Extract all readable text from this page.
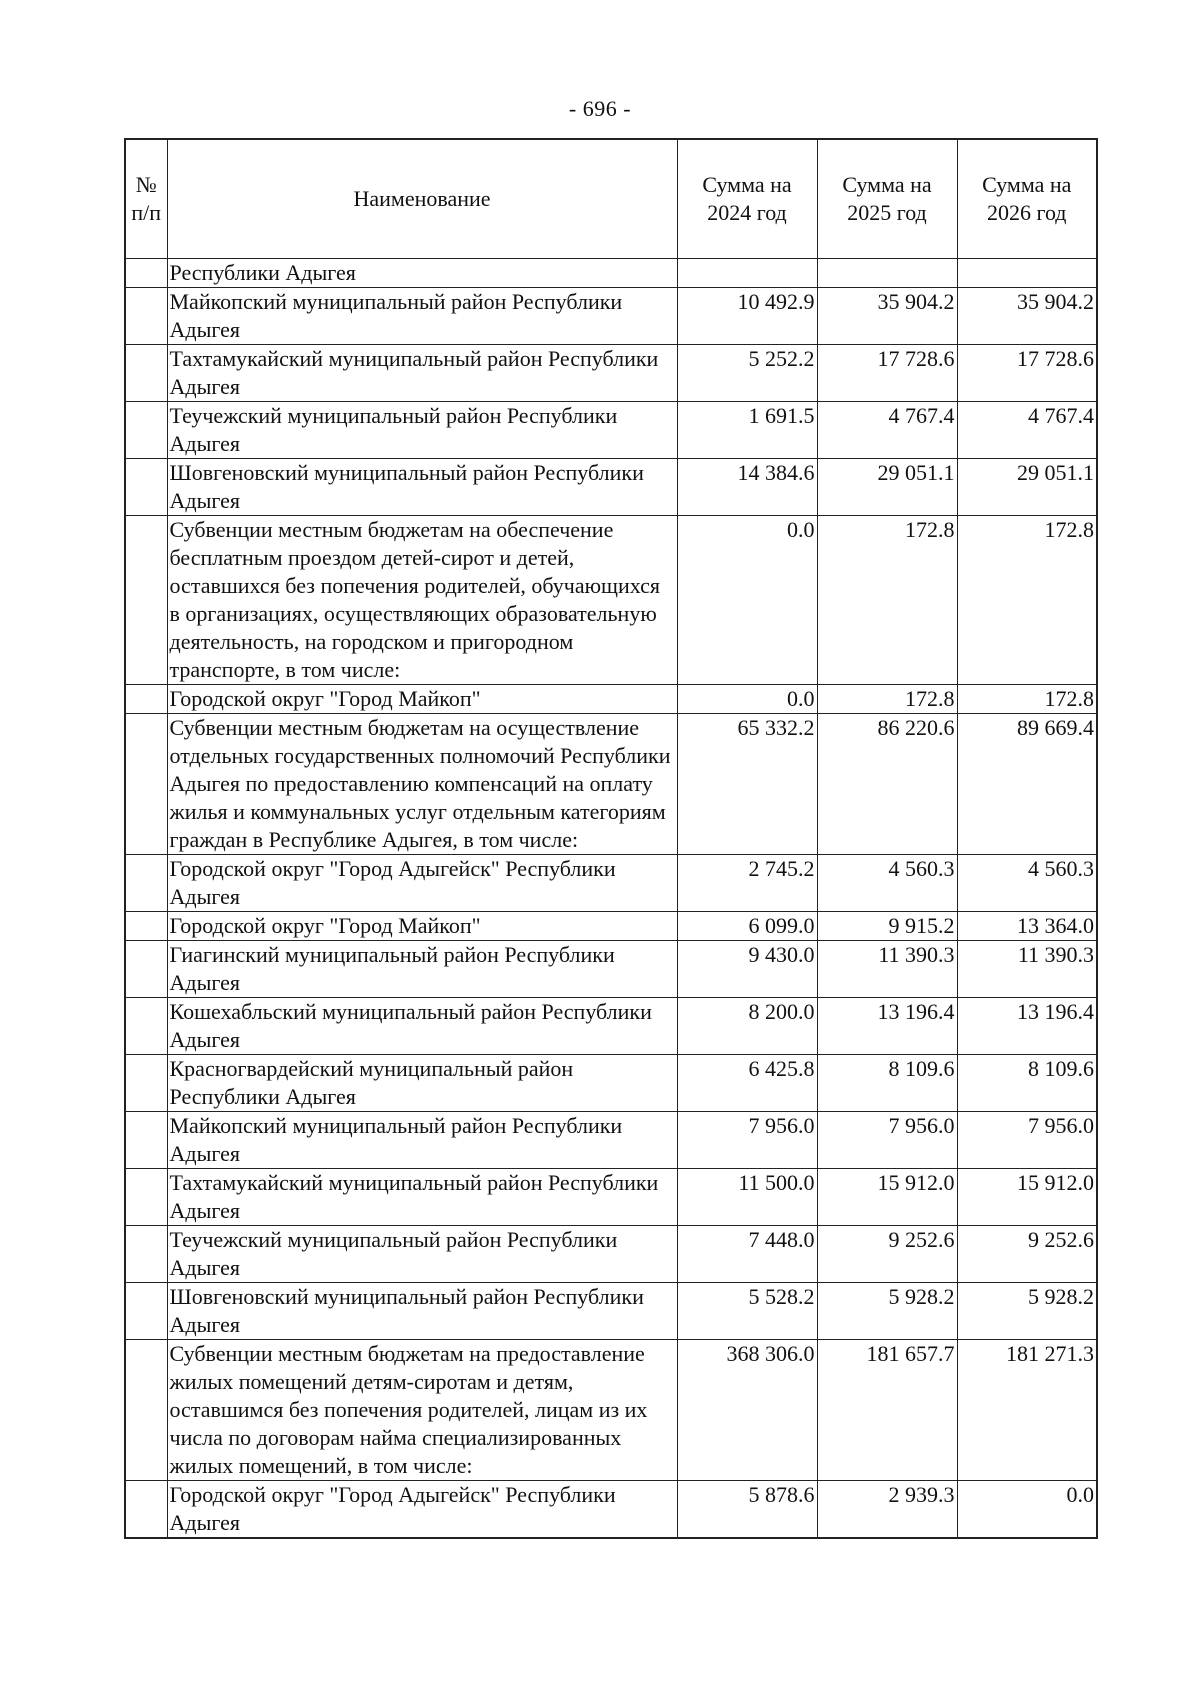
- 696 -
№ п/п	Наименование	Сумма на 2024 год	Сумма на 2025 год	Сумма на 2026 год
	Республики Адыгея			
	Майкопский муниципальный район Республики Адыгея	10 492.9	35 904.2	35 904.2
	Тахтамукайский муниципальный район Республики Адыгея	5 252.2	17 728.6	17 728.6
	Теучежский муниципальный район Республики Адыгея	1 691.5	4 767.4	4 767.4
	Шовгеновский муниципальный район Республики Адыгея	14 384.6	29 051.1	29 051.1
	Субвенции местным бюджетам на обеспечение бесплатным проездом детей-сирот и детей, оставшихся без попечения родителей, обучающихся в организациях, осуществляющих образовательную деятельность, на городском и пригородном транспорте, в том числе:	0.0	172.8	172.8
	Городской округ "Город Майкоп"	0.0	172.8	172.8
	Субвенции местным бюджетам на осуществление отдельных государственных полномочий Республики Адыгея по предоставлению компенсаций на оплату жилья и коммунальных услуг отдельным категориям граждан в Республике Адыгея, в том числе:	65 332.2	86 220.6	89 669.4
	Городской округ "Город Адыгейск" Республики Адыгея	2 745.2	4 560.3	4 560.3
	Городской округ "Город Майкоп"	6 099.0	9 915.2	13 364.0
	Гиагинский муниципальный район Республики Адыгея	9 430.0	11 390.3	11 390.3
	Кошехабльский муниципальный район Республики Адыгея	8 200.0	13 196.4	13 196.4
	Красногвардейский муниципальный район Республики Адыгея	6 425.8	8 109.6	8 109.6
	Майкопский муниципальный район Республики Адыгея	7 956.0	7 956.0	7 956.0
	Тахтамукайский муниципальный район Республики Адыгея	11 500.0	15 912.0	15 912.0
	Теучежский муниципальный район Республики Адыгея	7 448.0	9 252.6	9 252.6
	Шовгеновский муниципальный район Республики Адыгея	5 528.2	5 928.2	5 928.2
	Субвенции местным бюджетам на предоставление жилых помещений детям-сиротам и детям, оставшимся без попечения родителей, лицам из их числа по договорам найма специализированных жилых помещений, в том числе:	368 306.0	181 657.7	181 271.3
	Городской округ "Город Адыгейск" Республики Адыгея	5 878.6	2 939.3	0.0
